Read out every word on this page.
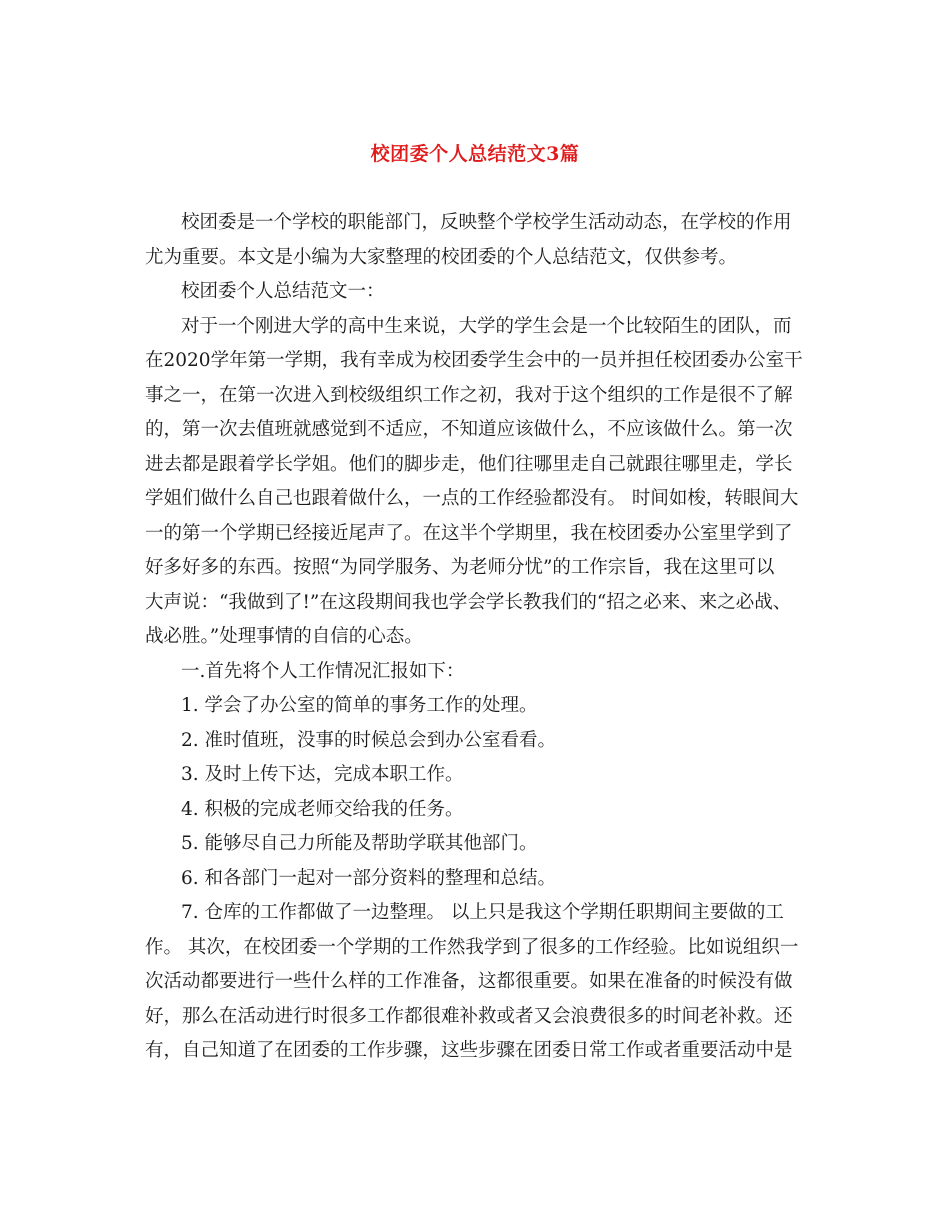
校团委个人总结范文3篇
校团委是一个学校的职能部门，反映整个学校学生活动动态，在学校的作用
尤为重要。本文是小编为大家整理的校团委的个人总结范文，仅供参考。
校团委个人总结范文一：
对于一个刚进大学的高中生来说，大学的学生会是一个比较陌生的团队，而
在2020学年第一学期，我有幸成为校团委学生会中的一员并担任校团委办公室干
事之一，在第一次进入到校级组织工作之初，我对于这个组织的工作是很不了解
的，第一次去值班就感觉到不适应，不知道应该做什么，不应该做什么。第一次
进去都是跟着学长学姐。他们的脚步走，他们往哪里走自己就跟往哪里走，学长
学姐们做什么自己也跟着做什么，一点的工作经验都没有。 时间如梭，转眼间大
一的第一个学期已经接近尾声了。在这半个学期里，我在校团委办公室里学到了
好多好多的东西。按照“为同学服务、为老师分忧”的工作宗旨，我在这里可以
大声说：“我做到了!”在这段期间我也学会学长教我们的“招之必来、来之必战、
战必胜。”处理事情的自信的心态。
一.首先将个人工作情况汇报如下：
1. 学会了办公室的简单的事务工作的处理。
2. 准时值班，没事的时候总会到办公室看看。
3. 及时上传下达，完成本职工作。
4. 积极的完成老师交给我的任务。
5. 能够尽自己力所能及帮助学联其他部门。
6. 和各部门一起对一部分资料的整理和总结。
7. 仓库的工作都做了一边整理。 以上只是我这个学期任职期间主要做的工
作。 其次，在校团委一个学期的工作然我学到了很多的工作经验。比如说组织一
次活动都要进行一些什么样的工作准备，这都很重要。如果在准备的时候没有做
好，那么在活动进行时很多工作都很难补救或者又会浪费很多的时间老补救。还
有，自己知道了在团委的工作步骤，这些步骤在团委日常工作或者重要活动中是
